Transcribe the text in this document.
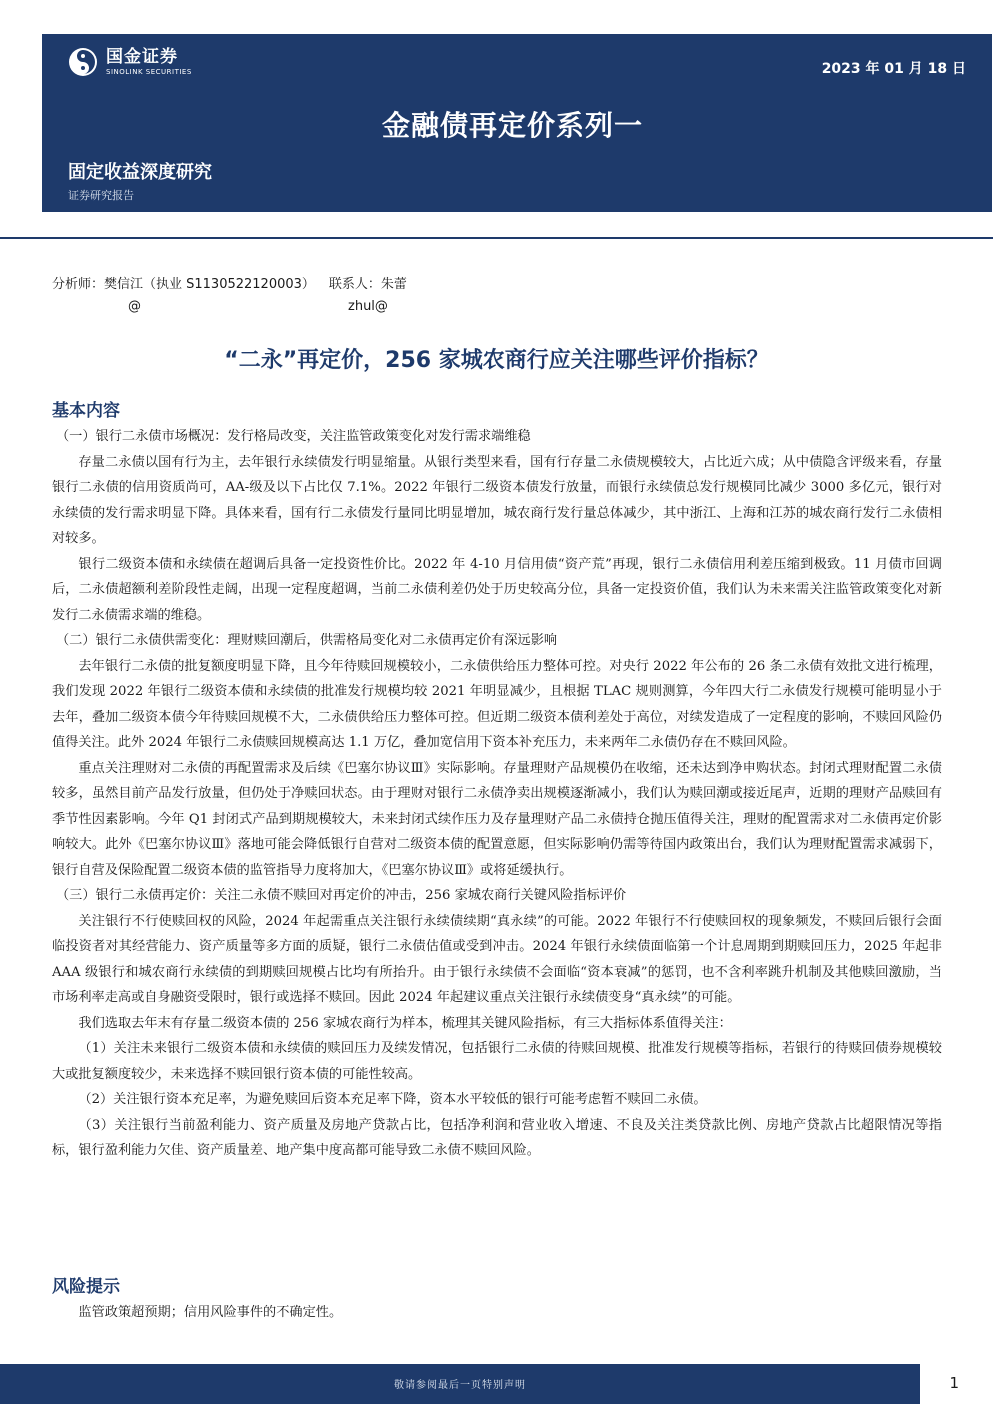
国金证券
SINOLINK SECURITIES	2023 年 01 月 18 日
金融债再定价系列一
固定收益深度研究
证券研究报告
分析师：樊信江（执业 S1130522120003） 联系人：朱蕾
@	zhul@
“二永”再定价，256 家城农商行应关注哪些评价指标？
基本内容

（一）银行二永债市场概况：发行格局改变，关注监管政策变化对发行需求端维稳

存量二永债以国有行为主，去年银行永续债发行明显缩量。从银行类型来看，国有行存量二永债规模较大，占比近六成；从中债隐含评级来看，存量银行二永债的信用资质尚可，AA-级及以下占比仅 7.1%。2022 年银行二级资本债发行放量，而银行永续债总发行规模同比减少 3000 多亿元，银行对永续债的发行需求明显下降。具体来看，国有行二永债发行量同比明显增加，城农商行发行量总体减少，其中浙江、上海和江苏的城农商行发行二永债相对较多。

银行二级资本债和永续债在超调后具备一定投资性价比。2022 年 4-10 月信用债“资产荒”再现，银行二永债信用利差压缩到极致。11 月债市回调后，二永债超额利差阶段性走阔，出现一定程度超调，当前二永债利差仍处于历史较高分位，具备一定投资价值，我们认为未来需关注监管政策变化对新发行二永债需求端的维稳。

（二）银行二永债供需变化：理财赎回潮后，供需格局变化对二永债再定价有深远影响

去年银行二永债的批复额度明显下降，且今年待赎回规模较小，二永债供给压力整体可控。对央行 2022 年公布的 26 条二永债有效批文进行梳理，我们发现 2022 年银行二级资本债和永续债的批准发行规模均较 2021 年明显减少，且根据 TLAC 规则测算，今年四大行二永债发行规模可能明显小于去年，叠加二级资本债今年待赎回规模不大，二永债供给压力整体可控。但近期二级资本债利差处于高位，对续发造成了一定程度的影响，不赎回风险仍值得关注。此外 2024 年银行二永债赎回规模高达 1.1 万亿，叠加宽信用下资本补充压力，未来两年二永债仍存在不赎回风险。

重点关注理财对二永债的再配置需求及后续《巴塞尔协议Ⅲ》实际影响。存量理财产品规模仍在收缩，还未达到净申购状态。封闭式理财配置二永债较多，虽然目前产品发行放量，但仍处于净赎回状态。由于理财对银行二永债净卖出规模逐渐减小，我们认为赎回潮或接近尾声，近期的理财产品赎回有季节性因素影响。今年 Q1 封闭式产品到期规模较大，未来封闭式续作压力及存量理财产品二永债持仓抛压值得关注，理财的配置需求对二永债再定价影响较大。此外《巴塞尔协议Ⅲ》落地可能会降低银行自营对二级资本债的配置意愿，但实际影响仍需等待国内政策出台，我们认为理财配置需求减弱下，银行自营及保险配置二级资本债的监管指导力度将加大，《巴塞尔协议Ⅲ》或将延缓执行。

（三）银行二永债再定价：关注二永债不赎回对再定价的冲击，256 家城农商行关键风险指标评价

关注银行不行使赎回权的风险，2024 年起需重点关注银行永续债续期“真永续”的可能。2022 年银行不行使赎回权的现象频发，不赎回后银行会面临投资者对其经营能力、资产质量等多方面的质疑，银行二永债估值或受到冲击。2024 年银行永续债面临第一个计息周期到期赎回压力，2025 年起非 AAA 级银行和城农商行永续债的到期赎回规模占比均有所抬升。由于银行永续债不会面临“资本衰减”的惩罚，也不含利率跳升机制及其他赎回激励，当市场利率走高或自身融资受限时，银行或选择不赎回。因此 2024 年起建议重点关注银行永续债变身“真永续”的可能。

我们选取去年末有存量二级资本债的 256 家城农商行为样本，梳理其关键风险指标，有三大指标体系值得关注：

（1）关注未来银行二级资本债和永续债的赎回压力及续发情况，包括银行二永债的待赎回规模、批准发行规模等指标，若银行的待赎回债券规模较大或批复额度较少，未来选择不赎回银行资本债的可能性较高。

（2）关注银行资本充足率，为避免赎回后资本充足率下降，资本水平较低的银行可能考虑暂不赎回二永债。

（3）关注银行当前盈利能力、资产质量及房地产贷款占比，包括净利润和营业收入增速、不良及关注类贷款比例、房地产贷款占比超限情况等指标，银行盈利能力欠佳、资产质量差、地产集中度高都可能导致二永债不赎回风险。

风险提示
监管政策超预期；信用风险事件的不确定性。
敬请参阅最后一页特别声明	1
